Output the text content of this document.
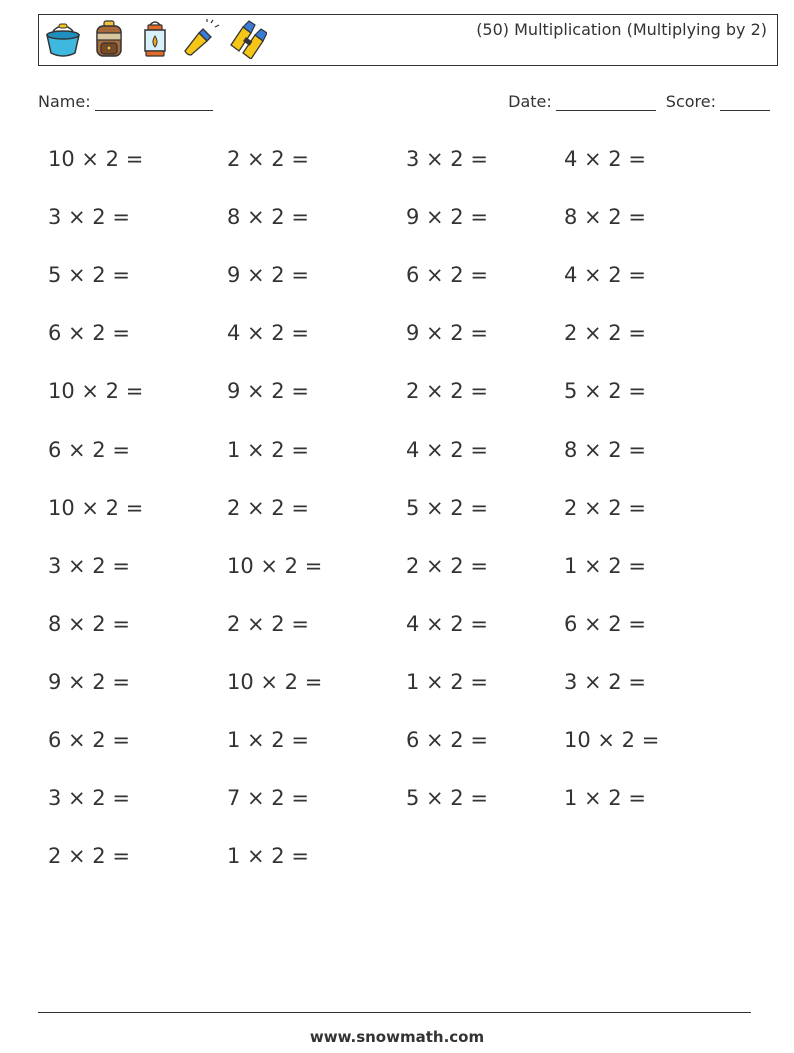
(50) Multiplication (Multiplying by 2)
Name:	Date:	Score:
10 × 2 =	2 × 2 =	3 × 2 =	4 × 2 =
3 × 2 =	8 × 2 =	9 × 2 =	8 × 2 =
5 × 2 =	9 × 2 =	6 × 2 =	4 × 2 =
6 × 2 =	4 × 2 =	9 × 2 =	2 × 2 =
10 × 2 =	9 × 2 =	2 × 2 =	5 × 2 =
6 × 2 =	1 × 2 =	4 × 2 =	8 × 2 =
10 × 2 =	2 × 2 =	5 × 2 =	2 × 2 =
3 × 2 =	10 × 2 =	2 × 2 =	1 × 2 =
8 × 2 =	2 × 2 =	4 × 2 =	6 × 2 =
9 × 2 =	10 × 2 =	1 × 2 =	3 × 2 =
6 × 2 =	1 × 2 =	6 × 2 =	10 × 2 =
3 × 2 =	7 × 2 =	5 × 2 =	1 × 2 =
2 × 2 =	1 × 2 =
www.snowmath.com
